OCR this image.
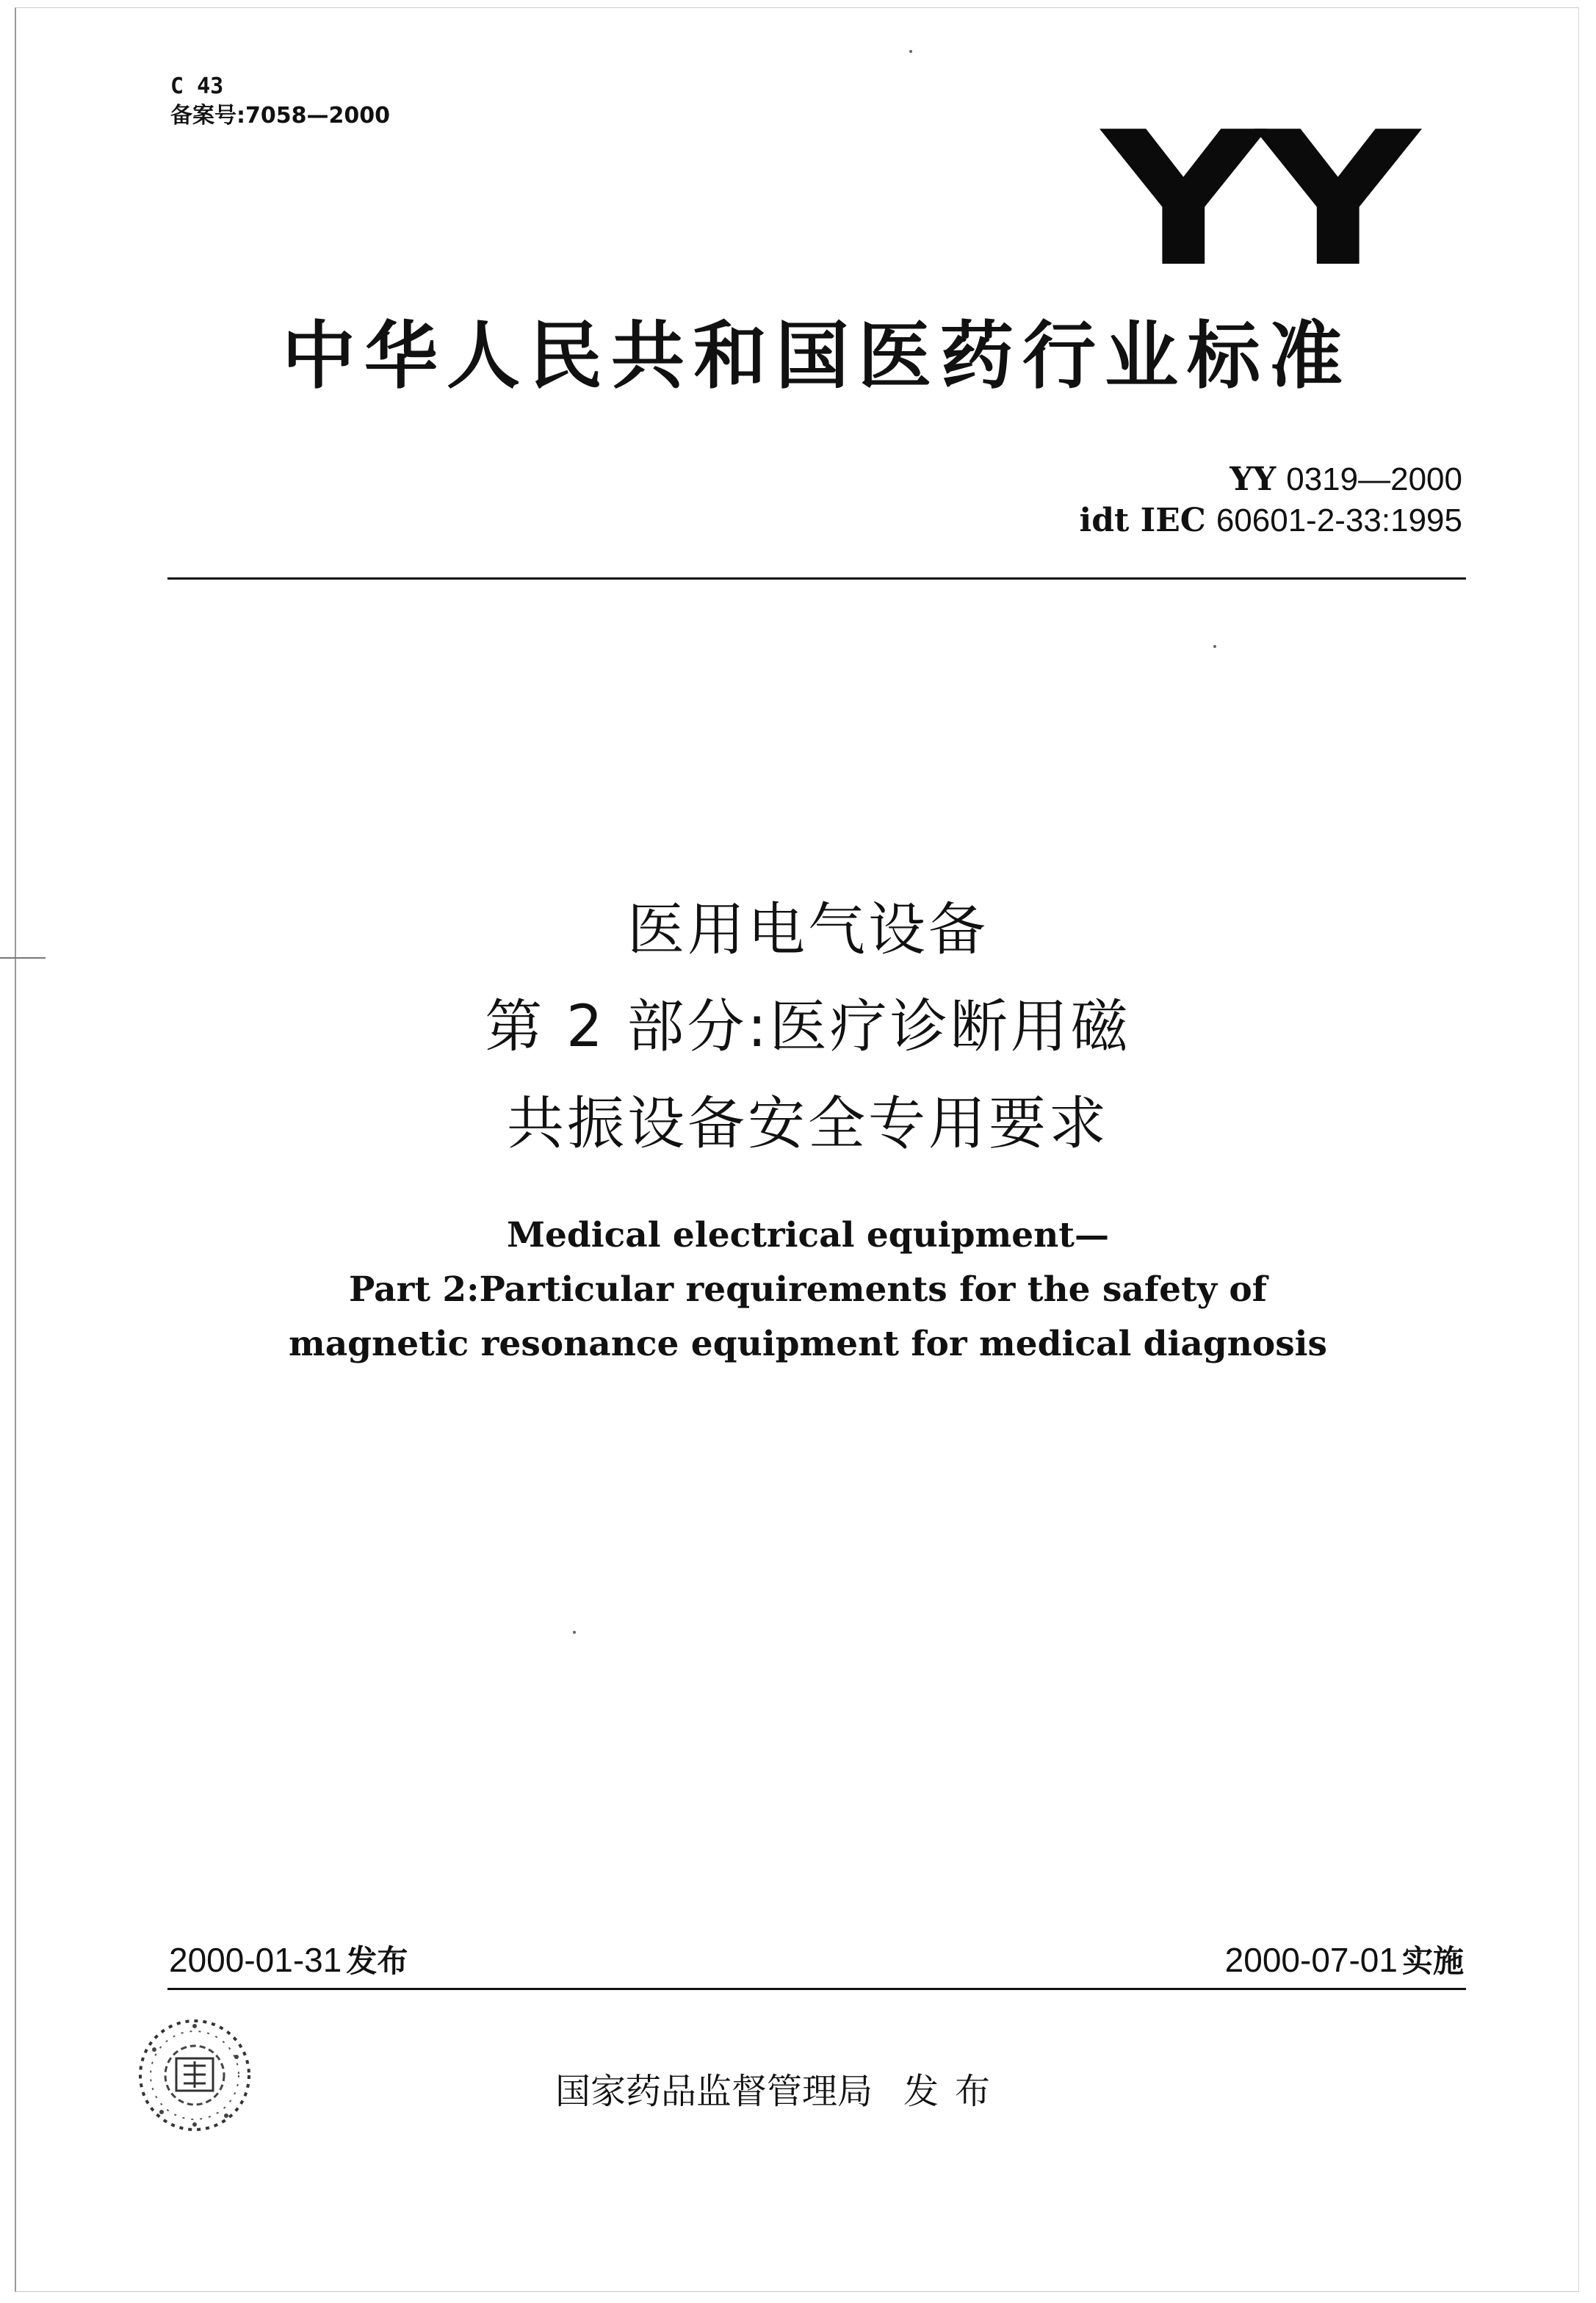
C 43
备案号:7058—2000	YY
中华人民共和国医药行业标准
YY 0319—2000
idt IEC 60601-2-33:1995
医用电气设备
第 2 部分:医疗诊断用磁
共振设备安全专用要求
Medical electrical equipment—
Part 2:Particular requirements for the safety of
magnetic resonance equipment for medical diagnosis
2000-01-31 发布	2000-07-01 实施
国家药品监督管理局 发布
